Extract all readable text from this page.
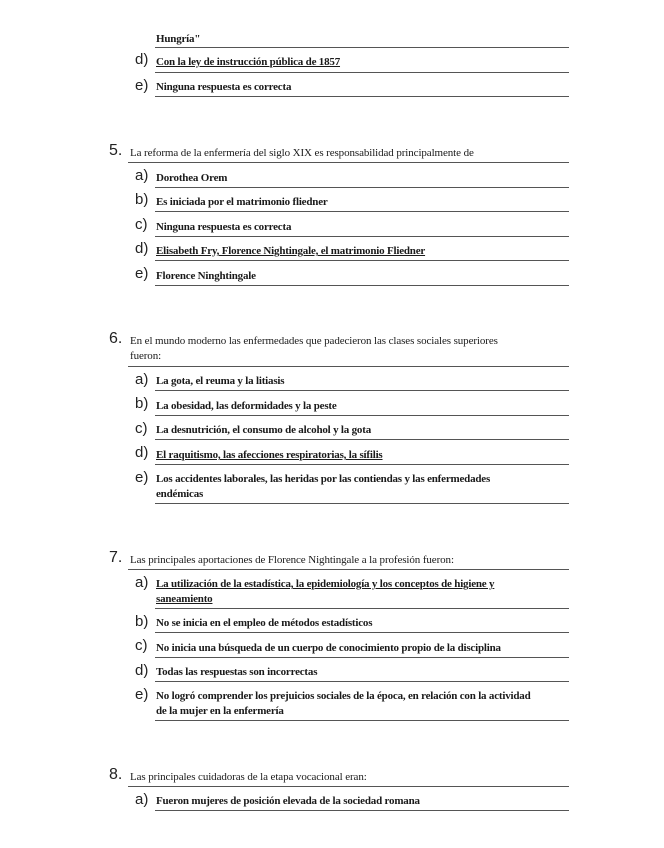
Hungría"
d) Con la ley de instrucción pública de 1857
e) Ninguna respuesta es correcta
5. La reforma de la enfermería del siglo XIX es responsabilidad principalmente de
a) Dorothea Orem
b) Es iniciada por el matrimonio fliedner
c) Ninguna respuesta es correcta
d) Elisabeth Fry, Florence Nightingale, el matrimonio Fliedner
e) Florence Ninghtingale
6. En el mundo moderno las enfermedades que padecieron las clases sociales superiores fueron:
a) La gota, el reuma y la litiasis
b) La obesidad, las deformidades y la peste
c) La desnutrición, el consumo de alcohol y la gota
d) El raquitismo, las afecciones respiratorias, la sífilis
e) Los accidentes laborales, las heridas por las contiendas y las enfermedades endémicas
7. Las principales aportaciones de Florence Nightingale a la profesión fueron:
a) La utilización de la estadística, la epidemiología y los conceptos de higiene y saneamiento
b) No se inicia en el empleo de métodos estadísticos
c) No inicia una búsqueda de un cuerpo de conocimiento propio de la disciplina
d) Todas las respuestas son incorrectas
e) No logró comprender los prejuicios sociales de la época, en relación con la actividad de la mujer en la enfermería
8. Las principales cuidadoras de la etapa vocacional eran:
a) Fueron mujeres de posición elevada de la sociedad romana
